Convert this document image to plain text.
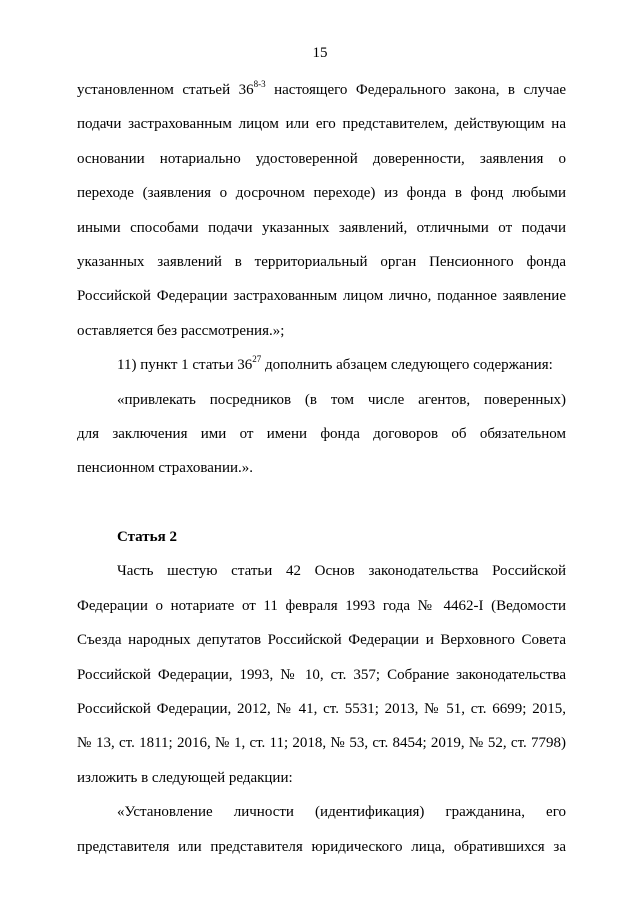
15
установленном статьей 36$^{8-3}$ настоящего Федерального закона, в случае
подачи застрахованным лицом или его представителем, действующим на
основании нотариально удостоверенной доверенности, заявления о
переходе (заявления о досрочном переходе) из фонда в фонд любыми
иными способами подачи указанных заявлений, отличными от подачи
указанных заявлений в территориальный орган Пенсионного фонда
Российской Федерации застрахованным лицом лично, поданное заявление
оставляется без рассмотрения.»;
11) пункт 1 статьи $36^{27}$ дополнить абзацем следующего содержания:
«привлекать посредников (в том числе агентов, поверенных)
для заключения ими от имени фонда договоров об обязательном
пенсионном страховании.».
Статья 2
Часть шестую статьи 42 Основ законодательства Российской
Федерации о нотариате от 11 февраля 1993 года № 4462-I (Ведомости
Съезда народных депутатов Российской Федерации и Верховного Совета
Российской Федерации, 1993, № 10, ст. 357; Собрание законодательства
Российской Федерации, 2012, № 41, ст. 5531; 2013, № 51, ст. 6699; 2015,
№ 13, ст. 1811; 2016, № 1, ст. 11; 2018, № 53, ст. 8454; 2019, № 52, ст. 7798)
изложить в следующей редакции:
«Установление личности (идентификация) гражданина, его
представителя или представителя юридического лица, обратившихся за
